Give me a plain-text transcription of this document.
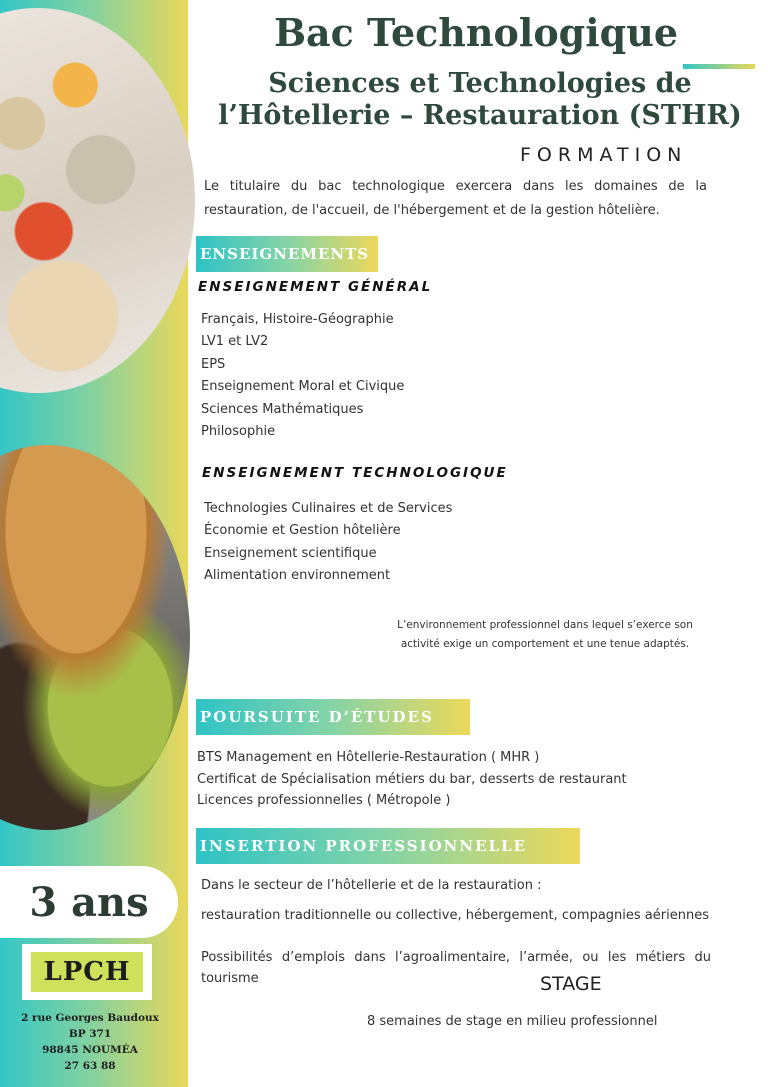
3 ans
LPCH
2 rue Georges Baudoux
BP 371
98845 NOUMÉA
27 63 88
Bac Technologique
Sciences et Technologies de
l’Hôtellerie – Restauration (STHR)
FORMATION

Le titulaire du bac technologique exercera dans les domaines de la restauration, de l'accueil, de l'hébergement et de la gestion hôtelière.

ENSEIGNEMENTS
ENSEIGNEMENT GÉNÉRAL
Français, Histoire-Géographie
LV1 et LV2
EPS
Enseignement Moral et Civique
Sciences Mathématiques
Philosophie
ENSEIGNEMENT TECHNOLOGIQUE
Technologies Culinaires et de Services
Économie et Gestion hôtelière
Enseignement scientifique
Alimentation environnement
L’environnement professionnel dans lequel s’exerce son
activité exige un comportement et une tenue adaptés.
POURSUITE D’ÉTUDES
BTS Management en Hôtellerie-Restauration ( MHR )
Certificat de Spécialisation métiers du bar, desserts de restaurant
Licences professionnelles ( Métropole )
INSERTION PROFESSIONNELLE
Dans le secteur de l’hôtellerie et de la restauration :
restauration traditionnelle ou collective, hébergement, compagnies aériennes
Possibilités d’emplois dans l’agroalimentaire, l’armée, ou les métiers du tourisme	STAGE
8 semaines de stage en milieu professionnel
